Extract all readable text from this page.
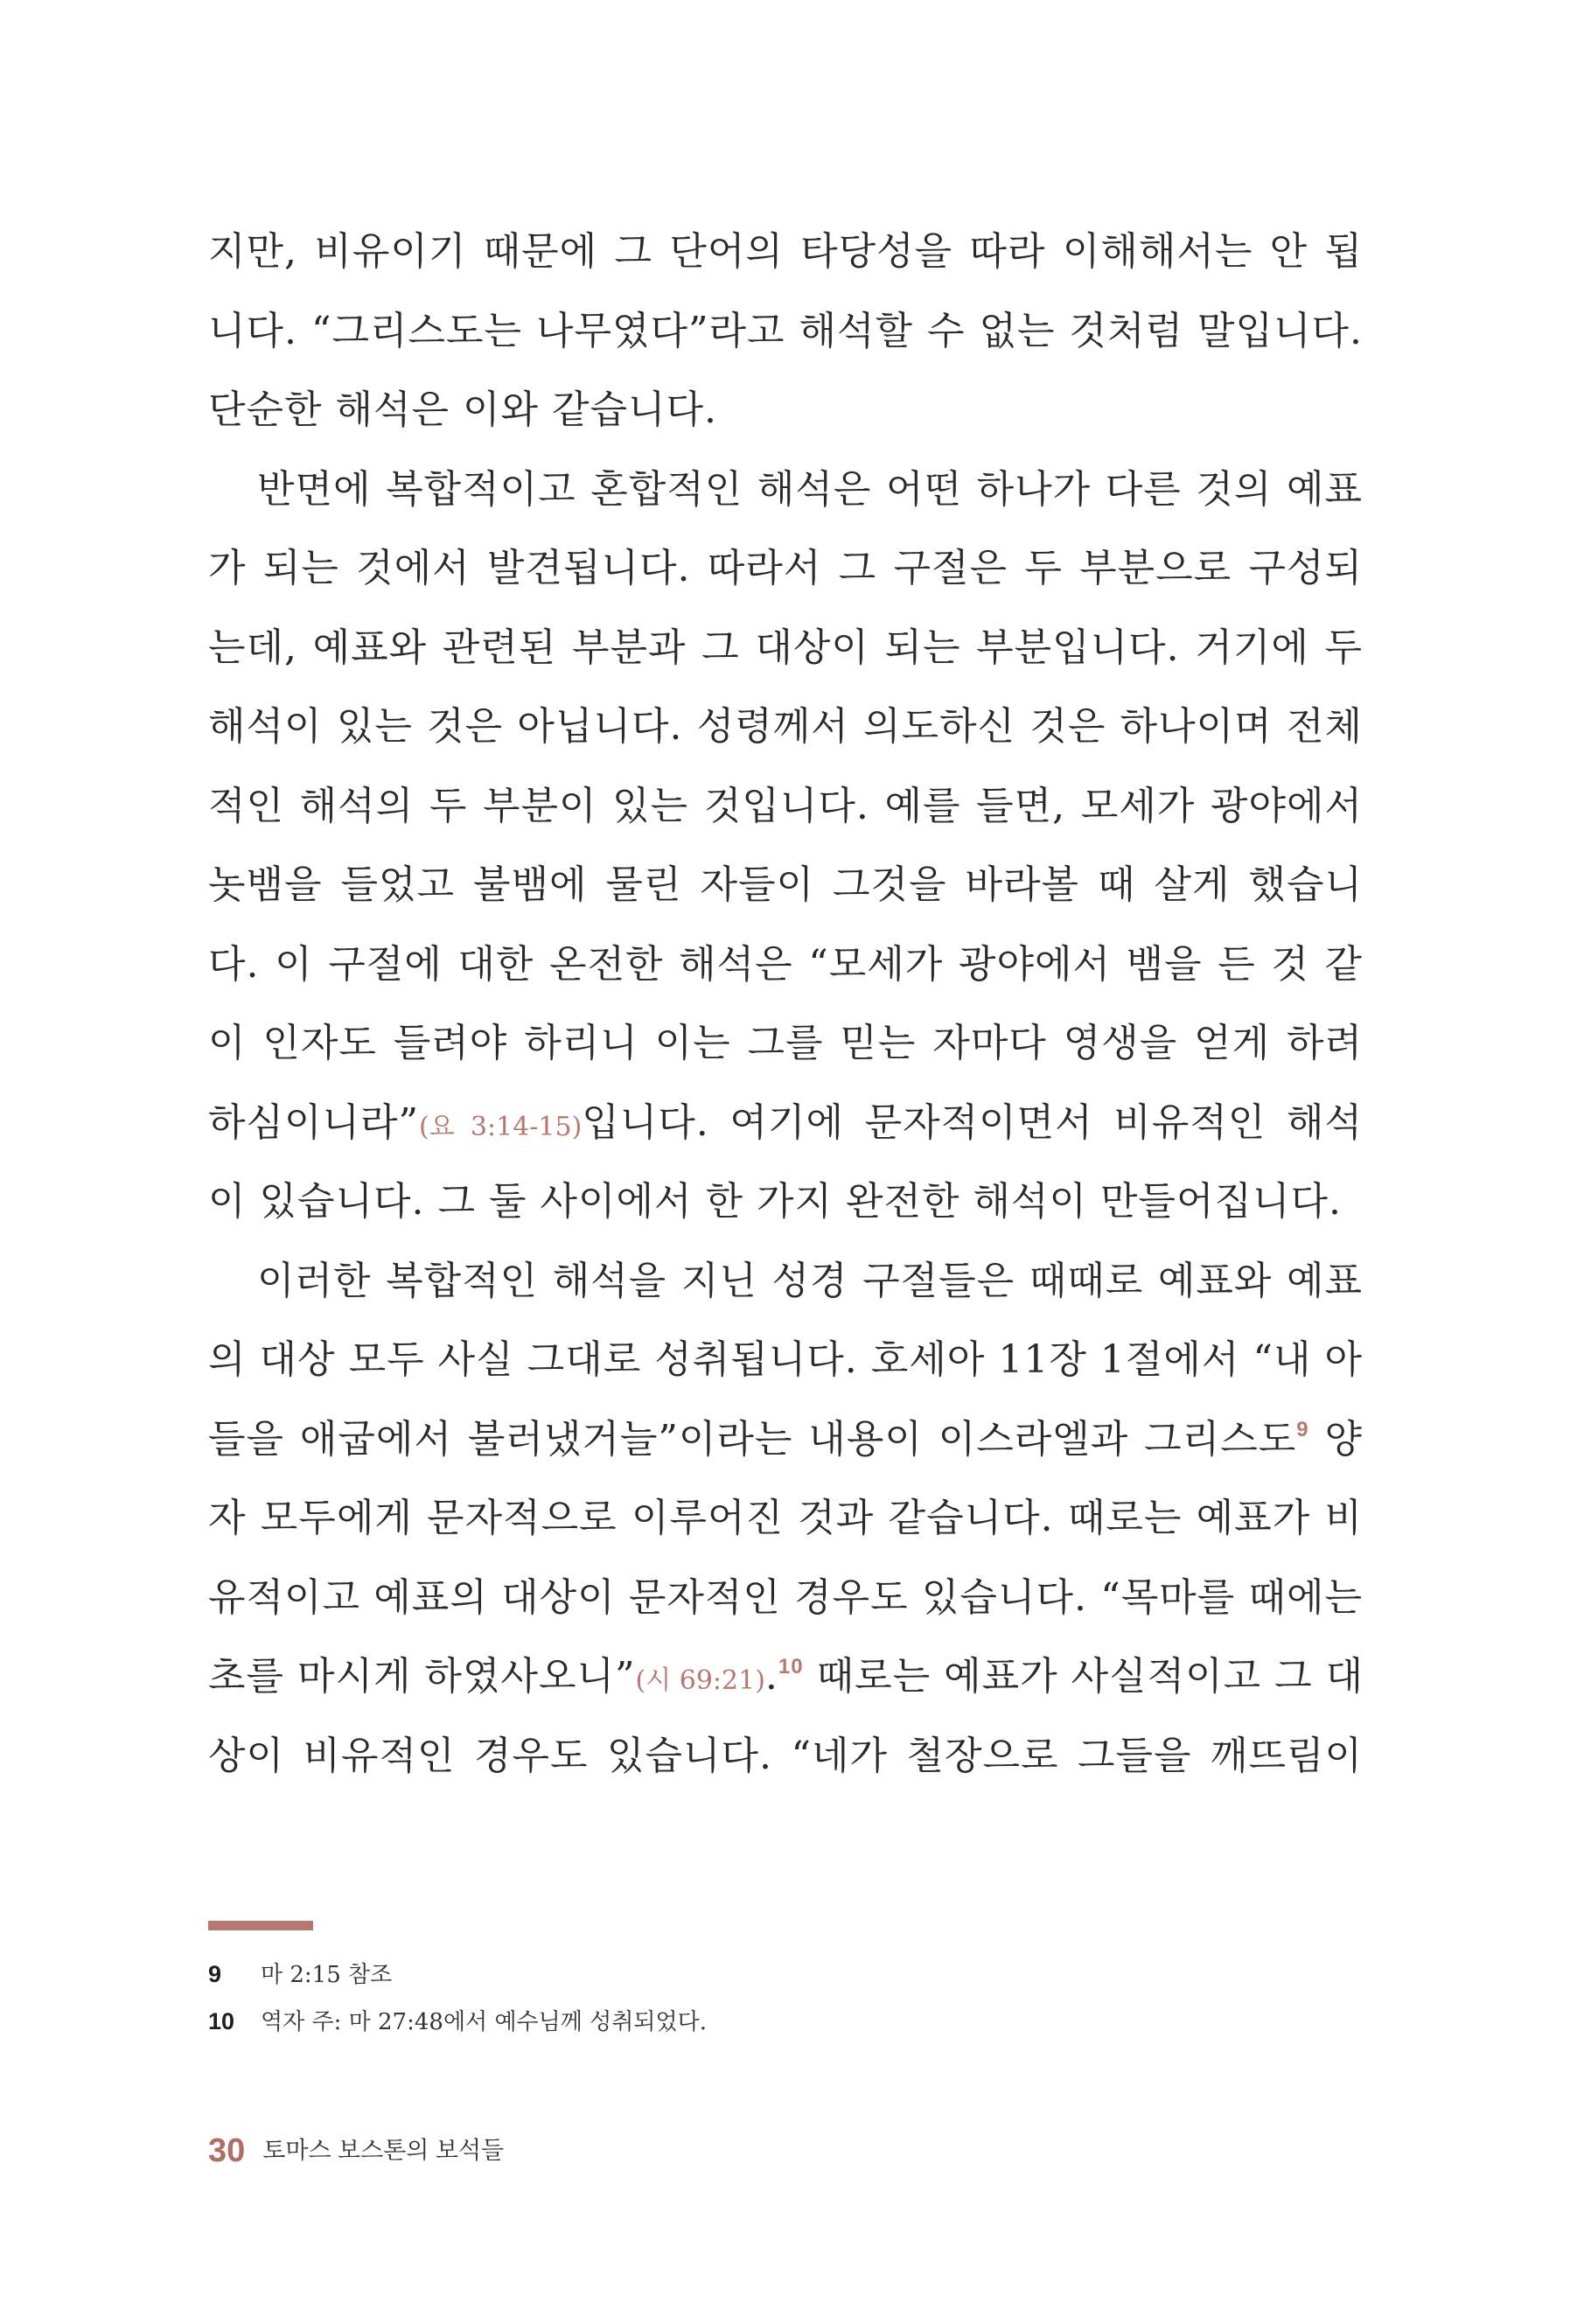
지만, 비유이기 때문에 그 단어의 타당성을 따라 이해해서는 안 됩
니다. “그리스도는 나무였다”라고 해석할 수 없는 것처럼 말입니다.
단순한 해석은 이와 같습니다.
반면에 복합적이고 혼합적인 해석은 어떤 하나가 다른 것의 예표
가 되는 것에서 발견됩니다. 따라서 그 구절은 두 부분으로 구성되
는데, 예표와 관련된 부분과 그 대상이 되는 부분입니다. 거기에 두
해석이 있는 것은 아닙니다. 성령께서 의도하신 것은 하나이며 전체
적인 해석의 두 부분이 있는 것입니다. 예를 들면, 모세가 광야에서
놋뱀을 들었고 불뱀에 물린 자들이 그것을 바라볼 때 살게 했습니
다. 이 구절에 대한 온전한 해석은 “모세가 광야에서 뱀을 든 것 같
이 인자도 들려야 하리니 이는 그를 믿는 자마다 영생을 얻게 하려
하심이니라”(요 3:14-15)입니다. 여기에 문자적이면서 비유적인 해석
이 있습니다. 그 둘 사이에서 한 가지 완전한 해석이 만들어집니다.
이러한 복합적인 해석을 지닌 성경 구절들은 때때로 예표와 예표
의 대상 모두 사실 그대로 성취됩니다. 호세아 11장 1절에서 “내 아
들을 애굽에서 불러냈거늘”이라는 내용이 이스라엘과 그리스도$^9$ 양
자 모두에게 문자적으로 이루어진 것과 같습니다. 때로는 예표가 비
유적이고 예표의 대상이 문자적인 경우도 있습니다. “목마를 때에는
초를 마시게 하였사오니”(시 69:21).$^{10}$ 때로는 예표가 사실적이고 그 대
상이 비유적인 경우도 있습니다. “네가 철장으로 그들을 깨뜨림이
9 마 2:15 참조
10 역자 주: 마 27:48에서 예수님께 성취되었다.
30 토마스 보스톤의 보석들
